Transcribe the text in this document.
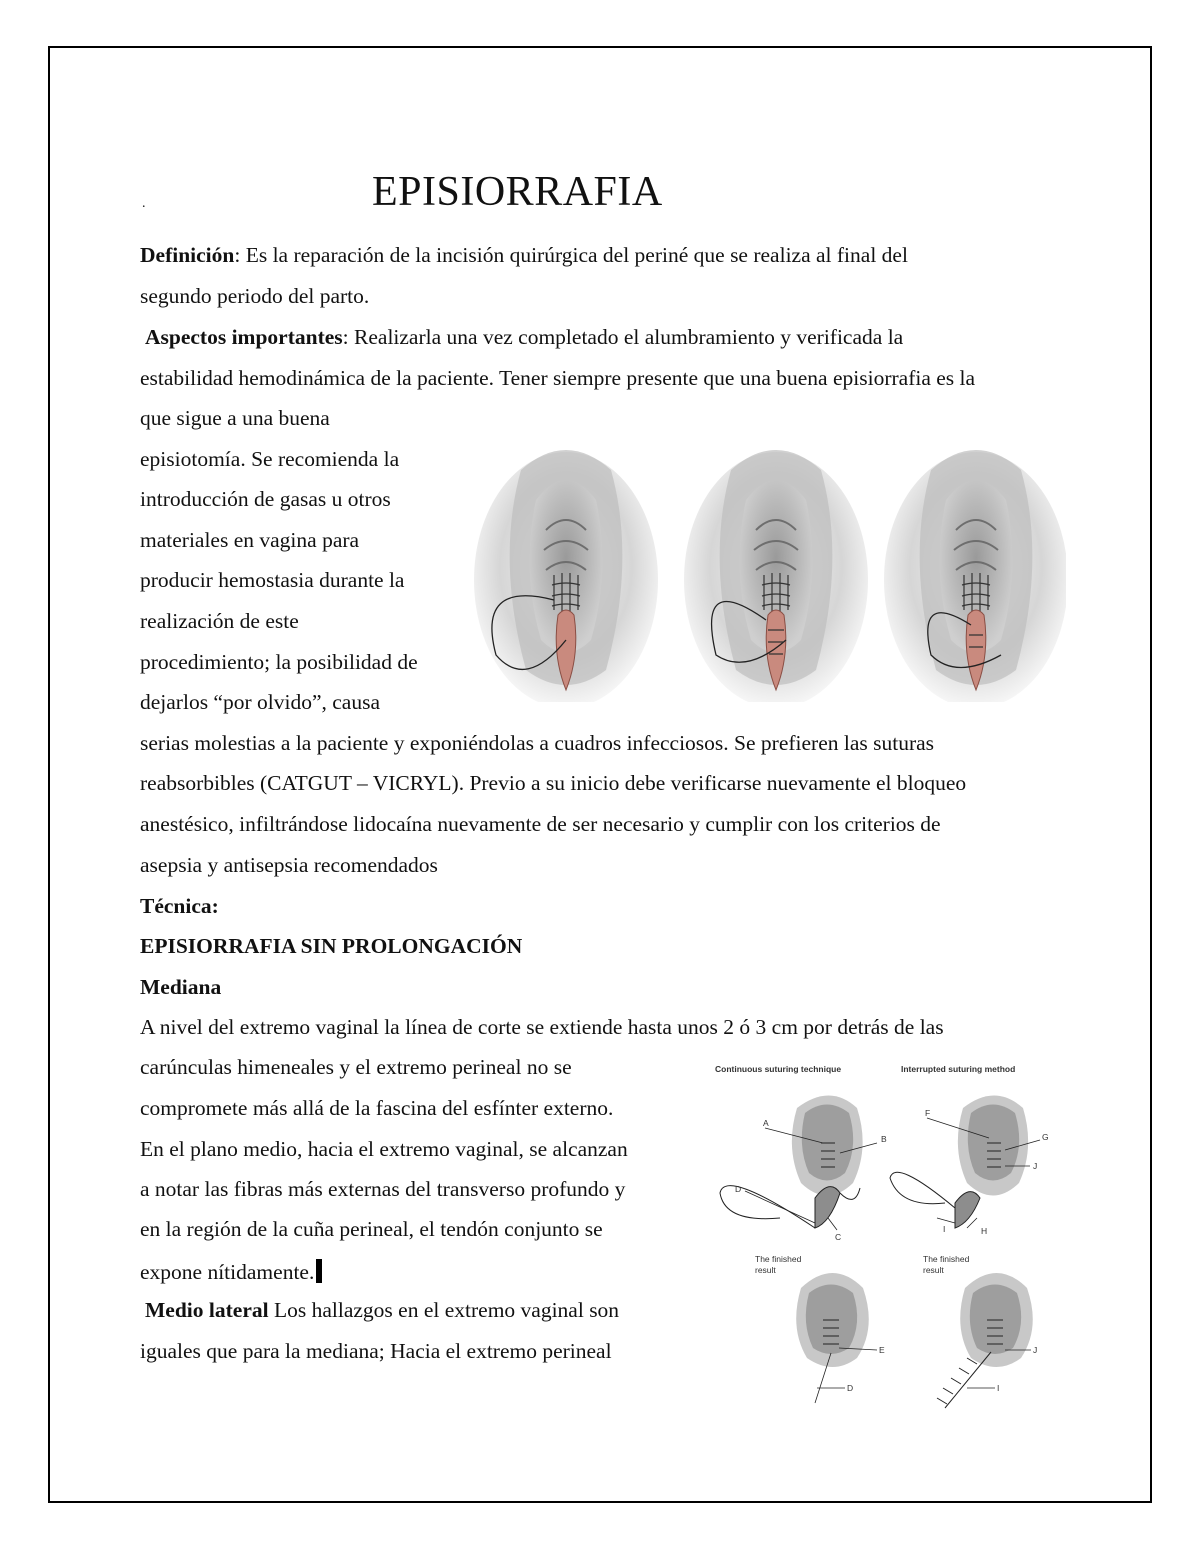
.	EPISIORRAFIA
Definición: Es la reparación de la incisión quirúrgica del periné que se realiza al final del
segundo periodo del parto.
Aspectos importantes: Realizarla una vez completado el alumbramiento y verificada la
estabilidad hemodinámica de la paciente. Tener siempre presente que una buena episiorrafia es la
que sigue a una buena
episiotomía. Se recomienda la
introducción de gasas u otros
materiales en vagina para
producir hemostasia durante la
realización de este
procedimiento; la posibilidad de
dejarlos “por olvido”, causa
serias molestias a la paciente y exponiéndolas a cuadros infecciosos. Se prefieren las suturas
reabsorbibles (CATGUT – VICRYL). Previo a su inicio debe verificarse nuevamente el bloqueo
anestésico, infiltrándose lidocaína nuevamente de ser necesario y cumplir con los criterios de
asepsia y antisepsia recomendados
Técnica:
EPISIORRAFIA SIN PROLONGACIÓN
Mediana
A nivel del extremo vaginal la línea de corte se extiende hasta unos 2 ó 3 cm por detrás de las
carúnculas himeneales y el extremo perineal no se
compromete más allá de la fascina del esfínter externo.
En el plano medio, hacia el extremo vaginal, se alcanzan
a notar las fibras más externas del transverso profundo y
en la región de la cuña perineal, el tendón conjunto se
expone nítidamente.
Medio lateral Los hallazgos en el extremo vaginal son
iguales que para la mediana; Hacia el extremo perineal
Continuous suturing technique	Interrupted suturing method
A
B
D
C
F
G
J
I	H
The finished
result
The finished
result
E
D
J
I
